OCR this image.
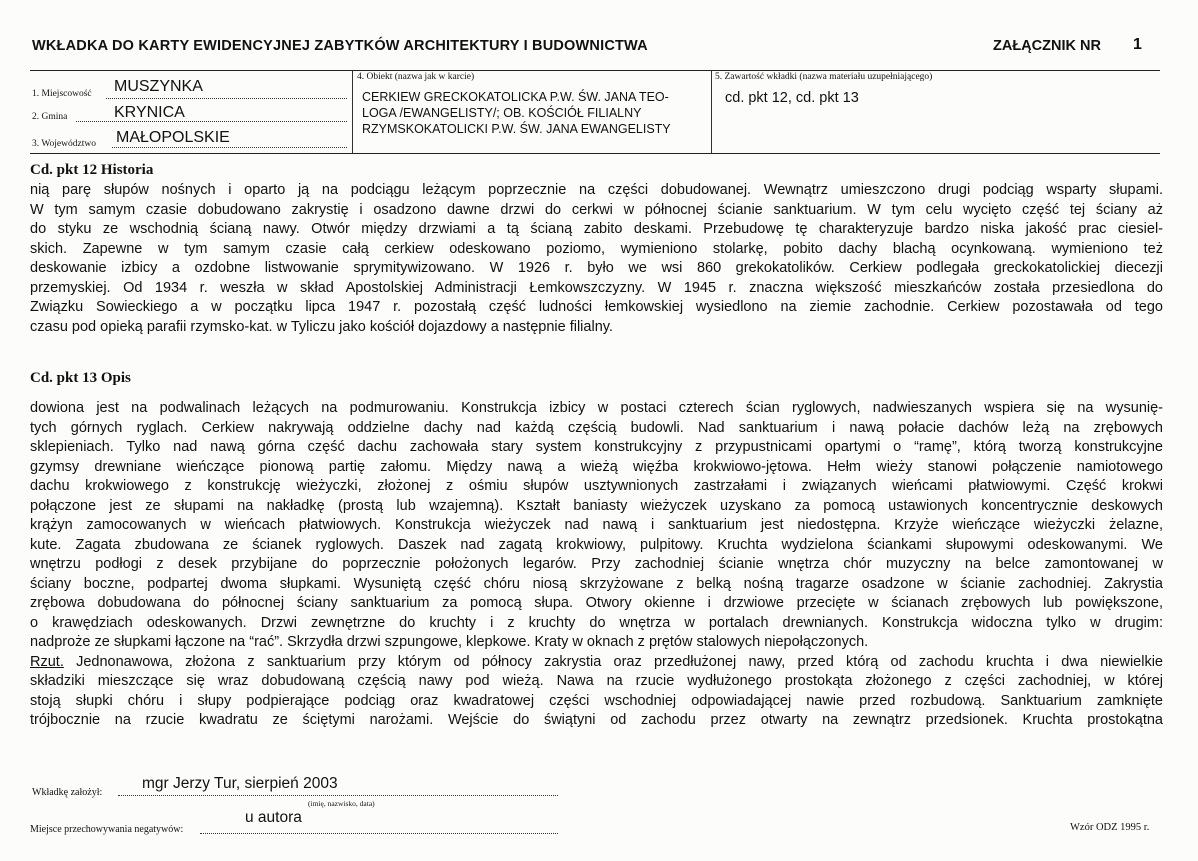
WKŁADKA DO KARTY EWIDENCYJNEJ ZABYTKÓW ARCHITEKTURY I BUDOWNICTWA	ZAŁĄCZNIK NR 1
1. Miejscowość MUSZYNKA
2. Gmina	KRYNICA
3. Województwo MAŁOPOLSKIE
4. Obiekt (nazwa jak w karcie)
CERKIEW GRECKOKATOLICKA P.W. ŚW. JANA TEO-
LOGA /EWANGELISTY/; OB. KOŚCIÓŁ FILIALNY
RZYMSKOKATOLICKI P.W. ŚW. JANA EWANGELISTY
5. Zawartość wkładki (nazwa materiału uzupełniającego)
cd. pkt 12, cd. pkt 13
Cd. pkt 12 Historia
nią parę słupów nośnych i oparto ją na podciągu leżącym poprzecznie na części dobudowanej. Wewnątrz umieszczono drugi podciąg wsparty słupami.
W tym samym czasie dobudowano zakrystię i osadzono dawne drzwi do cerkwi w północnej ścianie sanktuarium. W tym celu wycięto część tej ściany aż
do styku ze wschodnią ścianą nawy. Otwór między drzwiami a tą ścianą zabito deskami. Przebudowę tę charakteryzuje bardzo niska jakość prac ciesiel-
skich. Zapewne w tym samym czasie całą cerkiew odeskowano poziomo, wymieniono stolarkę, pobito dachy blachą ocynkowaną. wymieniono też
deskowanie izbicy a ozdobne listwowanie sprymitywizowano. W 1926 r. było we wsi 860 grekokatolików. Cerkiew podlegała greckokatolickiej diecezji
przemyskiej. Od 1934 r. weszła w skład Apostolskiej Administracji Łemkowszczyzny. W 1945 r. znaczna większość mieszkańców została przesiedlona do
Związku Sowieckiego a w początku lipca 1947 r. pozostałą część ludności łemkowskiej wysiedlono na ziemie zachodnie. Cerkiew pozostawała od tego
czasu pod opieką parafii rzymsko-kat. w Tyliczu jako kościół dojazdowy a następnie filialny.
Cd. pkt 13 Opis
dowiona jest na podwalinach leżących na podmurowaniu. Konstrukcja izbicy w postaci czterech ścian ryglowych, nadwieszanych wspiera się na wysunię-
tych górnych ryglach. Cerkiew nakrywają oddzielne dachy nad każdą częścią budowli. Nad sanktuarium i nawą połacie dachów leżą na zrębowych
sklepieniach. Tylko nad nawą górna część dachu zachowała stary system konstrukcyjny z przypustnicami opartymi o “ramę”, którą tworzą konstrukcyjne
gzymsy drewniane wieńczące pionową partię załomu. Między nawą a wieżą więźba krokwiowo-jętowa. Hełm wieży stanowi połączenie namiotowego
dachu krokwiowego z konstrukcję wieżyczki, złożonej z ośmiu słupów usztywnionych zastrzałami i związanych wieńcami płatwiowymi. Część krokwi
połączone jest ze słupami na nakładkę (prostą lub wzajemną). Kształt baniasty wieżyczek uzyskano za pomocą ustawionych koncentrycznie deskowych
krążyn zamocowanych w wieńcach płatwiowych. Konstrukcja wieżyczek nad nawą i sanktuarium jest niedostępna. Krzyże wieńczące wieżyczki żelazne,
kute. Zagata zbudowana ze ścianek ryglowych. Daszek nad zagatą krokwiowy, pulpitowy. Kruchta wydzielona ściankami słupowymi odeskowanymi. We
wnętrzu podłogi z desek przybijane do poprzecznie położonych legarów. Przy zachodniej ścianie wnętrza chór muzyczny na belce zamontowanej w
ściany boczne, podpartej dwoma słupkami. Wysuniętą część chóru niosą skrzyżowane z belką nośną tragarze osadzone w ścianie zachodniej. Zakrystia
zrębowa dobudowana do północnej ściany sanktuarium za pomocą słupa. Otwory okienne i drzwiowe przecięte w ścianach zrębowych lub powiększone,
o krawędziach odeskowanych. Drzwi zewnętrzne do kruchty i z kruchty do wnętrza w portalach drewnianych. Konstrukcja widoczna tylko w drugim:
nadproże ze słupkami łączone na “rać”. Skrzydła drzwi szpungowe, klepkowe. Kraty w oknach z prętów stalowych niepołączonych.
Rzut. Jednonawowa, złożona z sanktuarium przy którym od północy zakrystia oraz przedłużonej nawy, przed którą od zachodu kruchta i dwa niewielkie
składziki mieszczące się wraz dobudowaną częścią nawy pod wieżą. Nawa na rzucie wydłużonego prostokąta złożonego z części zachodniej, w której
stoją słupki chóru i słupy podpierające podciąg oraz kwadratowej części wschodniej odpowiadającej nawie przed rozbudową. Sanktuarium zamknięte
trójbocznie na rzucie kwadratu ze ściętymi narożami. Wejście do świątyni od zachodu przez otwarty na zewnątrz przedsionek. Kruchta prostokątna
Wkładkę założył:
mgr Jerzy Tur, sierpień 2003
(imię, nazwisko, data)
Miejsce przechowywania negatywów:
u autora
Wzór ODZ 1995 r.
